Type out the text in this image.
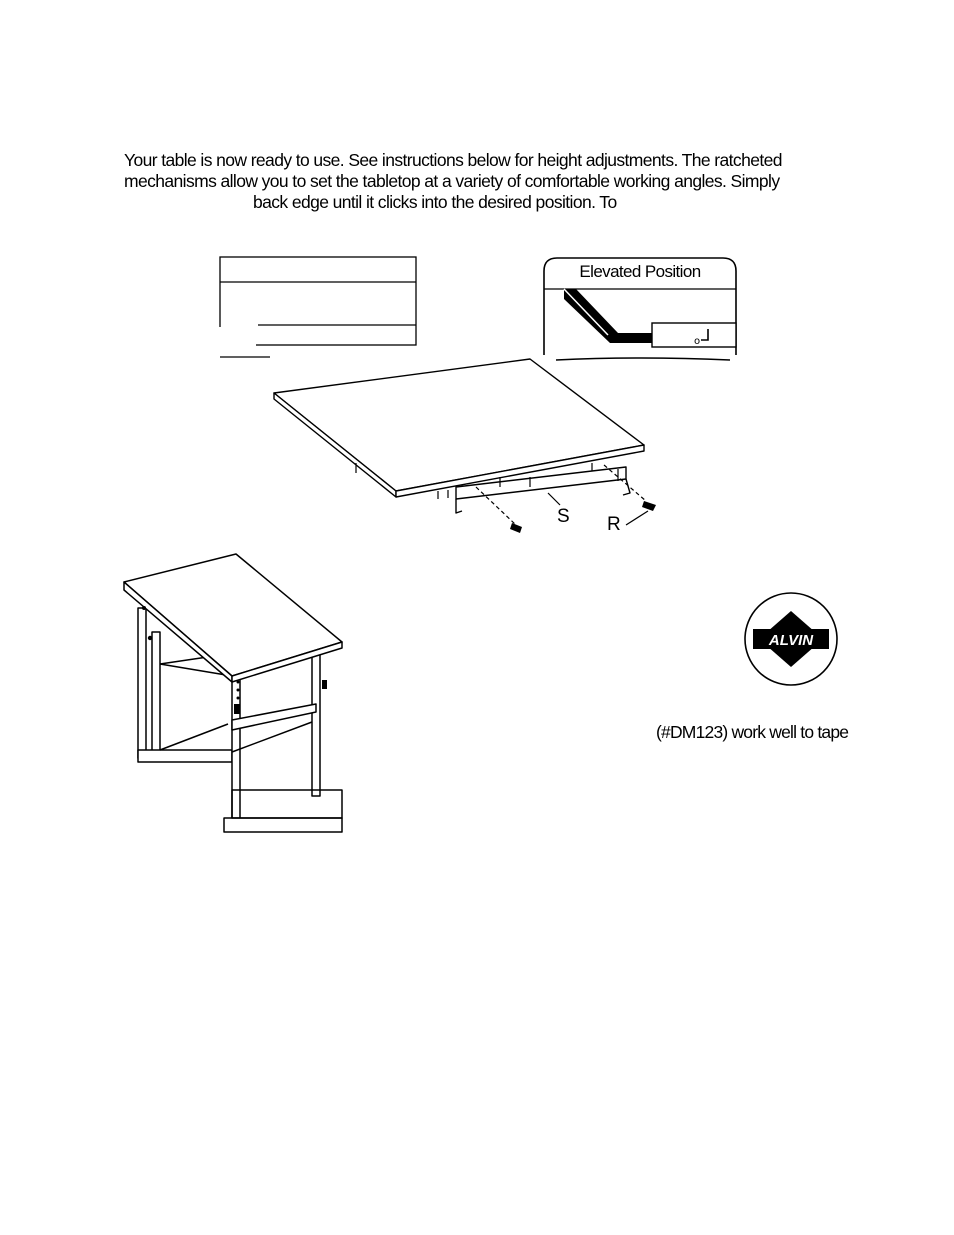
Your table is now ready to use. See instructions below for height adjustments. The ratcheted
mechanisms allow you to set the tabletop at a variety of comfortable working angles. Simply

back edge until it clicks into the desired position. To
o
Elevated Position
S R
ALVIN
(#DM123) work well to tape
